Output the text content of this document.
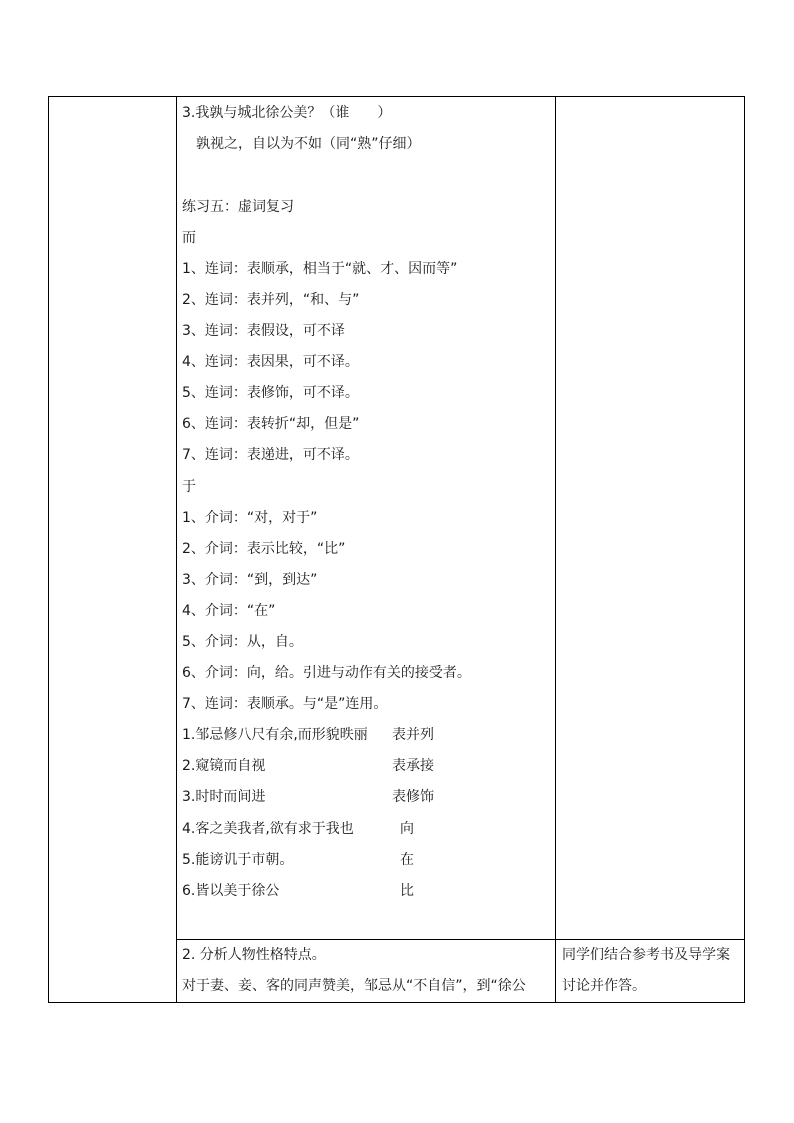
3.我孰与城北徐公美？（谁　　）
孰视之，自以为不如（同“熟”仔细）
练习五：虚词复习
而
1、连词：表顺承，相当于“就、才、因而等”
2、连词：表并列，“和、与”
3、连词：表假设，可不译
4、连词：表因果，可不译。
5、连词：表修饰，可不译。
6、连词：表转折“却，但是”
7、连词：表递进，可不译。
于
1、介词：“对，对于”
2、介词：表示比较，“比”
3、介词：“到，到达”
4、介词：“在”
5、介词：从，自。
6、介词：向，给。引进与动作有关的接受者。
7、连词：表顺承。与“是”连用。
1.邹忌修八尺有余,而形貌昳丽 表并列
2.窥镜而自视	表承接
3.时时而间进	表修饰
4.客之美我者,欲有求于我也	向
5.能谤讥于市朝。	在
6.皆以美于徐公	比
2. 分析人物性格特点。
对于妻、妾、客的同声赞美，邹忌从“不自信”，到“徐公
同学们结合参考书及导学案
讨论并作答。
